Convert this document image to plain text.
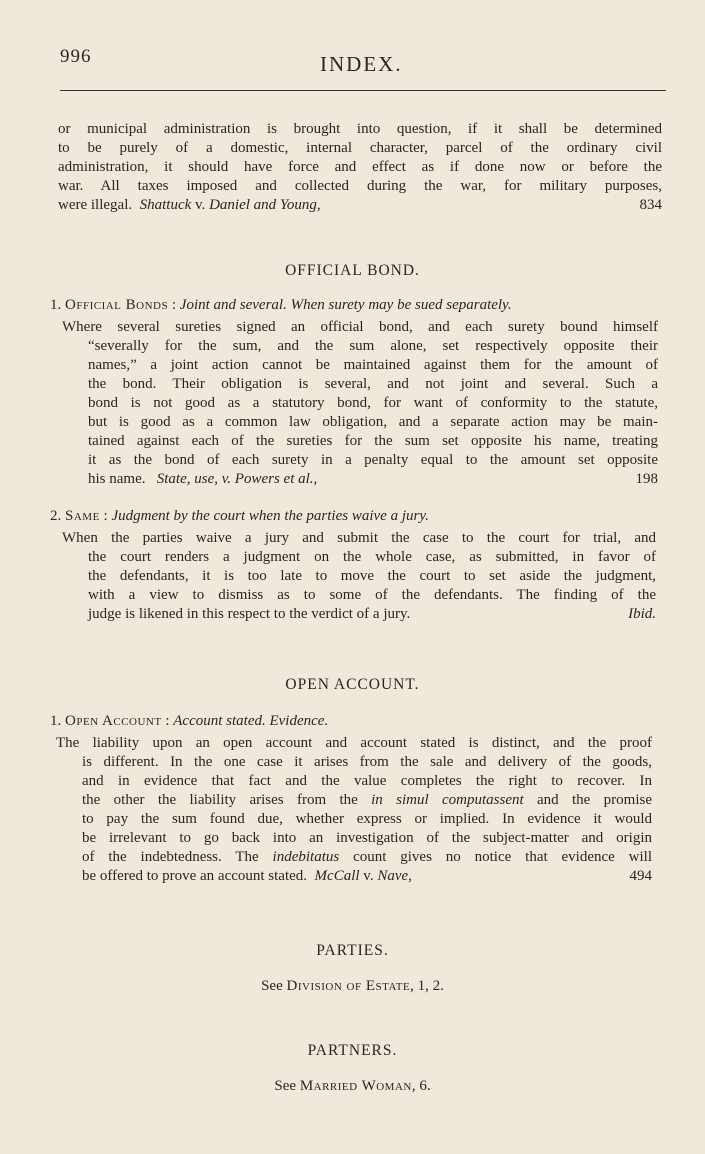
996	INDEX.
or municipal administration is brought into question, if it shall be determined
to be purely of a domestic, internal character, parcel of the ordinary civil
administration, it should have force and effect as if done now or before the
war. All taxes imposed and collected during the war, for military purposes,
were illegal. Shattuck v. Daniel and Young,	834
OFFICIAL BOND.
1. Official Bonds : Joint and several. When surety may be sued separately.
Where several sureties signed an official bond, and each surety bound himself
“severally for the sum, and the sum alone, set respectively opposite their
names,” a joint action cannot be maintained against them for the amount of
the bond. Their obligation is several, and not joint and several. Such a
bond is not good as a statutory bond, for want of conformity to the statute,
but is good as a common law obligation, and a separate action may be main-
tained against each of the sureties for the sum set opposite his name, treating
it as the bond of each surety in a penalty equal to the amount set opposite
his name. State, use, v. Powers et al.,	198
2. Same : Judgment by the court when the parties waive a jury.
When the parties waive a jury and submit the case to the court for trial, and
the court renders a judgment on the whole case, as submitted, in favor of
the defendants, it is too late to move the court to set aside the judgment,
with a view to dismiss as to some of the defendants. The finding of the
judge is likened in this respect to the verdict of a jury.	Ibid.
OPEN ACCOUNT.
1. Open Account : Account stated. Evidence.
The liability upon an open account and account stated is distinct, and the proof
is different. In the one case it arises from the sale and delivery of the goods,
and in evidence that fact and the value completes the right to recover. In
the other the liability arises from the in simul computassent and the promise
to pay the sum found due, whether express or implied. In evidence it would
be irrelevant to go back into an investigation of the subject-matter and origin
of the indebtedness. The indebitatus count gives no notice that evidence will
be offered to prove an account stated. McCall v. Nave,	494
PARTIES.
See Division of Estate, 1, 2.
PARTNERS.
See Married Woman, 6.
